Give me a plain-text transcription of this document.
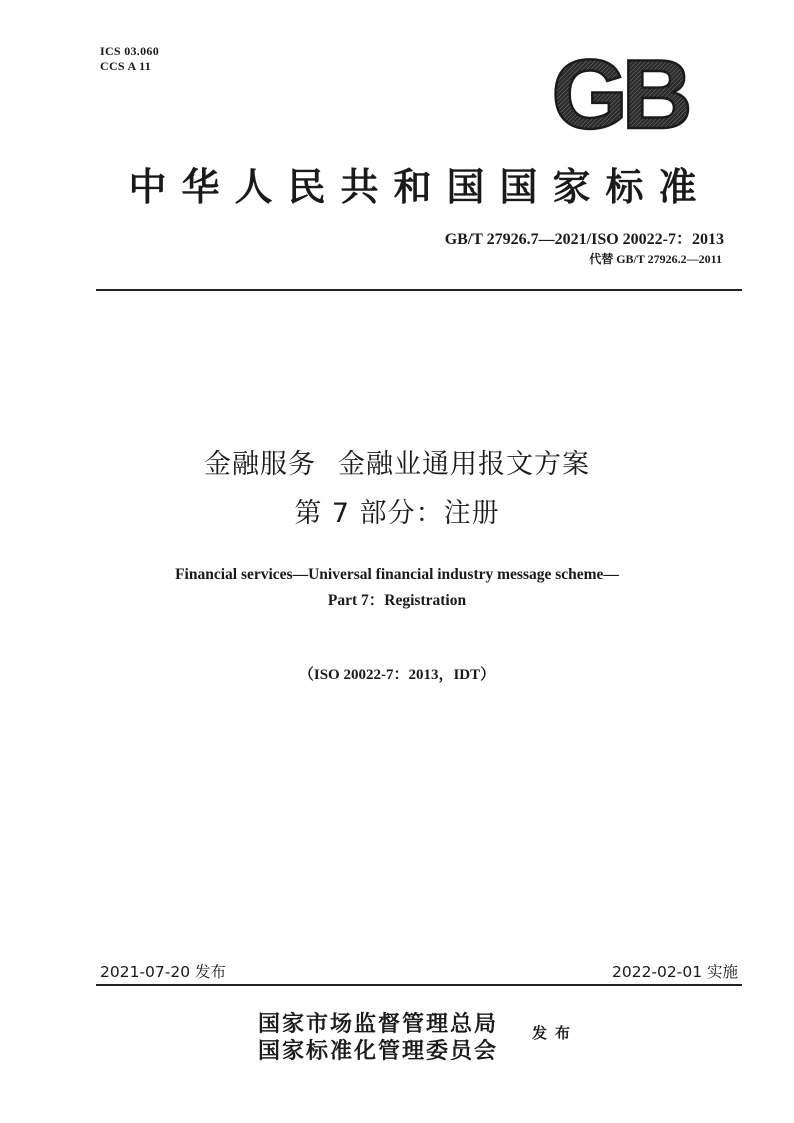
ICS 03.060
CCS A 11	GB
中华人民共和国国家标准
GB/T 27926.7—2021/ISO 20022-7：2013
代替 GB/T 27926.2—2011
金融服务 金融业通用报文方案
第 7 部分：注册
Financial services—Universal financial industry message scheme—
Part 7：Registration
（ISO 20022-7：2013，IDT）
2021-07-20 发布	2022-02-01 实施
国家市场监督管理总局
国家标准化管理委员会
发布
